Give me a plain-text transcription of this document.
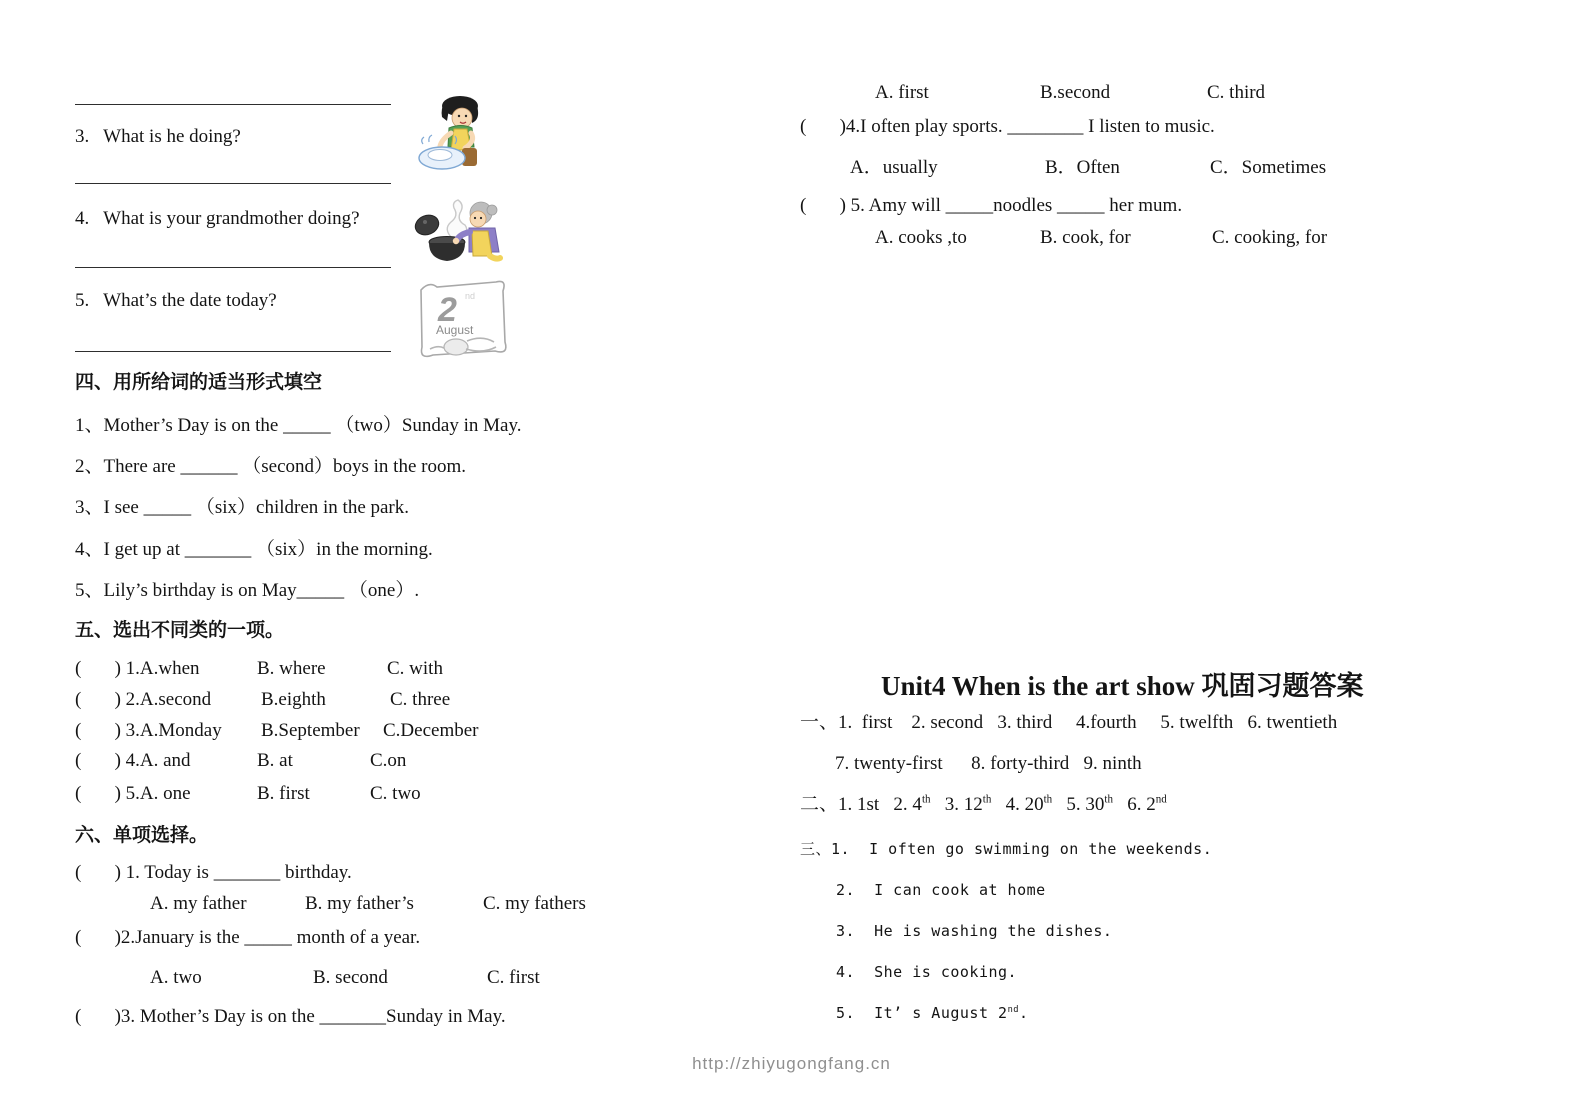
3.   What is he doing?
4.   What is your grandmother doing?
5.   What’s the date today?	2 nd
August
四、用所给词的适当形式填空
1、Mother’s Day is on the _____ （two）Sunday in May.
2、There are ______ （second）boys in the room.
3、I see _____ （six）children in the park.
4、I get up at _______ （six）in the morning.
5、Lily’s birthday is on May_____ （one）.
五、选出不同类的一项。

(       ) 1.A.when

	B. where

	C. with

(       ) 2.A.second

	B.eighth

	C. three

(       ) 3.A.Monday

B.September

C.December

(       ) 4.A. and

	B. at

	C.on

(       ) 5.A. one

	B. first

	C. two

六、单项选择。
(       ) 1. Today is _______ birthday.

A. my father

	B. my father’s

	C. my fathers

(       )2.January is the _____ month of a year.

A. two

	B. second

	C. first

(       )3. Mother’s Day is on the _______Sunday in May.

A. first

	B.second

	C. third

(       )4.I often play sports. ________ I listen to music.

A．usually

	B．Often

	C．Sometimes

(       ) 5. Amy will _____noodles _____ her mum.

A. cooks ,to

	B. cook, for

	C. cooking, for

Unit4 When is the art show 巩固习题答案
一、1.  first    2. second   3. third     4.fourth     5. twelfth   6. twentieth
7. twenty-first      8. forty-third   9. ninth
二、1. 1st   2. 4th   3. 12th   4. 20th   5. 30th   6. 2nd
三、1.  I often go swimming on the weekends.
2.  I can cook at home
3.  He is washing the dishes.
4.  She is cooking.
5.  It’ s August 2nd.
http://zhiyugongfang.cn
